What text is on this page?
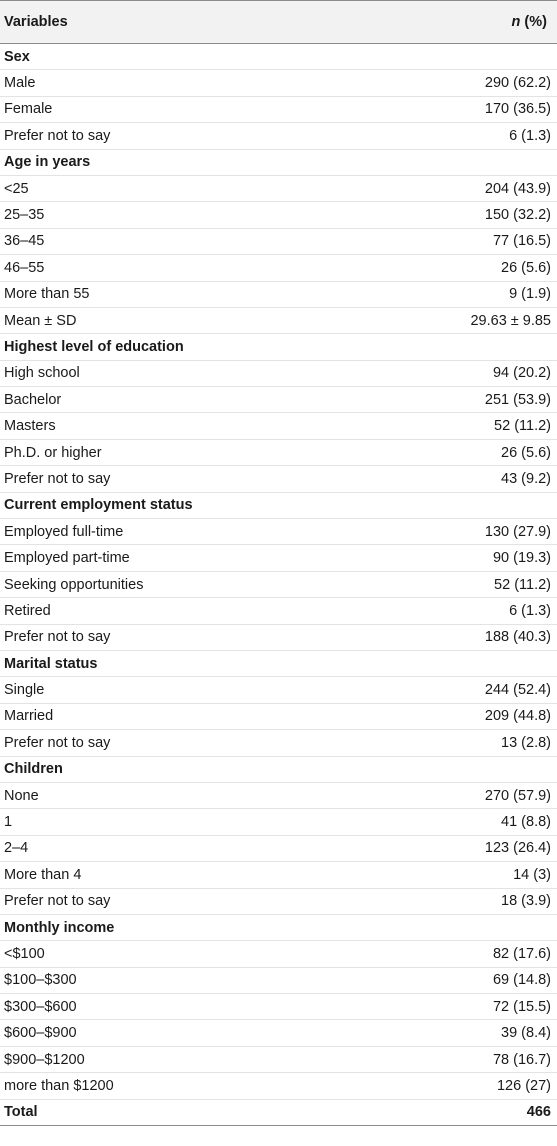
Variables	n (%)
Sex
Male	290 (62.2)
Female	170 (36.5)
Prefer not to say	6 (1.3)
Age in years
<25	204 (43.9)
25–35	150 (32.2)
36–45	77 (16.5)
46–55	26 (5.6)
More than 55	9 (1.9)
Mean ± SD	29.63 ± 9.85
Highest level of education
High school	94 (20.2)
Bachelor	251 (53.9)
Masters	52 (11.2)
Ph.D. or higher	26 (5.6)
Prefer not to say	43 (9.2)
Current employment status
Employed full-time	130 (27.9)
Employed part-time	90 (19.3)
Seeking opportunities	52 (11.2)
Retired	6 (1.3)
Prefer not to say	188 (40.3)
Marital status
Single	244 (52.4)
Married	209 (44.8)
Prefer not to say	13 (2.8)
Children
None	270 (57.9)
1	41 (8.8)
2–4	123 (26.4)
More than 4	14 (3)
Prefer not to say	18 (3.9)
Monthly income
<$100	82 (17.6)
$100–$300	69 (14.8)
$300–$600	72 (15.5)
$600–$900	39 (8.4)
$900–$1200	78 (16.7)
more than $1200	126 (27)
Total	466
